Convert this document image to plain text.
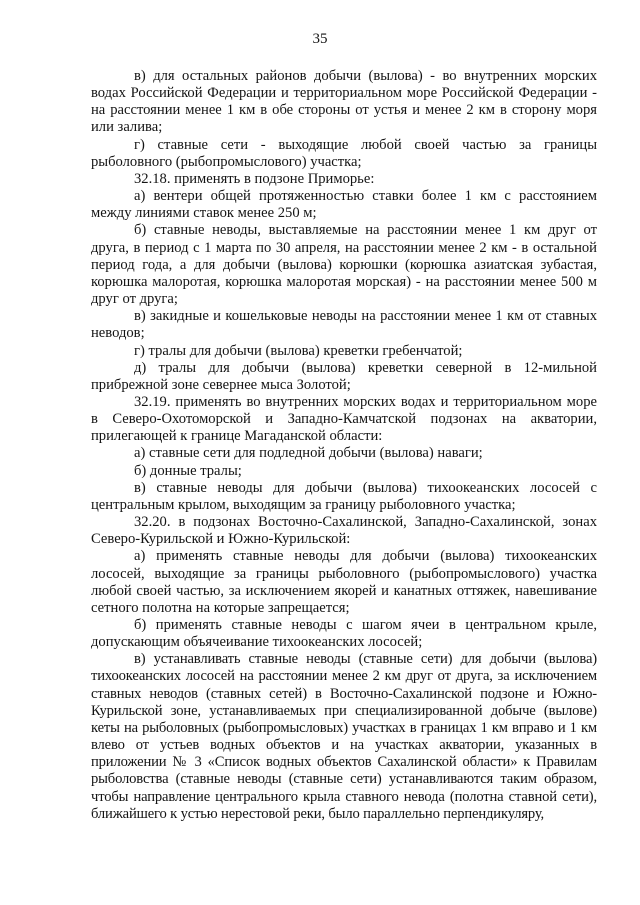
35

в) для остальных районов добычи (вылова) - во внутренних морских водах Российской Федерации и территориальном море Российской Федерации - на расстоянии менее 1 км в обе стороны от устья и менее 2 км в сторону моря или залива;

г) ставные сети - выходящие любой своей частью за границы рыболовного (рыбопромыслового) участка;

32.18. применять в подзоне Приморье:

а) вентери общей протяженностью ставки более 1 км с расстоянием между линиями ставок менее 250 м;

б) ставные неводы, выставляемые на расстоянии менее 1 км друг от друга, в период с 1 марта по 30 апреля, на расстоянии менее 2 км - в остальной период года, а для добычи (вылова) корюшки (корюшка азиатская зубастая, корюшка малоротая, корюшка малоротая морская) - на расстоянии менее 500 м друг от друга;

в) закидные и кошельковые неводы на расстоянии менее 1 км от ставных неводов;

г) тралы для добычи (вылова) креветки гребенчатой;

д) тралы для добычи (вылова) креветки северной в 12-мильной прибрежной зоне севернее мыса Золотой;

32.19. применять во внутренних морских водах и территориальном море в Северо-Охотоморской и Западно-Камчатской подзонах на акватории, прилегающей к границе Магаданской области:

а) ставные сети для подледной добычи (вылова) наваги;

б) донные тралы;

в) ставные неводы для добычи (вылова) тихоокеанских лососей с центральным крылом, выходящим за границу рыболовного участка;

32.20. в подзонах Восточно-Сахалинской, Западно-Сахалинской, зонах Северо-Курильской и Южно-Курильской:

а) применять ставные неводы для добычи (вылова) тихоокеанских лососей, выходящие за границы рыболовного (рыбопромыслового) участка любой своей частью, за исключением якорей и канатных оттяжек, навешивание сетного полотна на которые запрещается;

б) применять ставные неводы с шагом ячеи в центральном крыле, допускающим объячеивание тихоокеанских лососей;

в) устанавливать ставные неводы (ставные сети) для добычи (вылова) тихоокеанских лососей на расстоянии менее 2 км друг от друга, за исключением ставных неводов (ставных сетей) в Восточно-Сахалинской подзоне и Южно-Курильской зоне, устанавливаемых при специализированной добыче (вылове) кеты на рыболовных (рыбопромысловых) участках в границах 1 км вправо и 1 км влево от устьев водных объектов и на участках акватории, указанных в приложении № 3 «Список водных объектов Сахалинской области» к Правилам рыболовства (ставные неводы (ставные сети) устанавливаются таким образом, чтобы направление центрального крыла ставного невода (полотна ставной сети), ближайшего к устью нерестовой реки, было параллельно перпендикуляру,
